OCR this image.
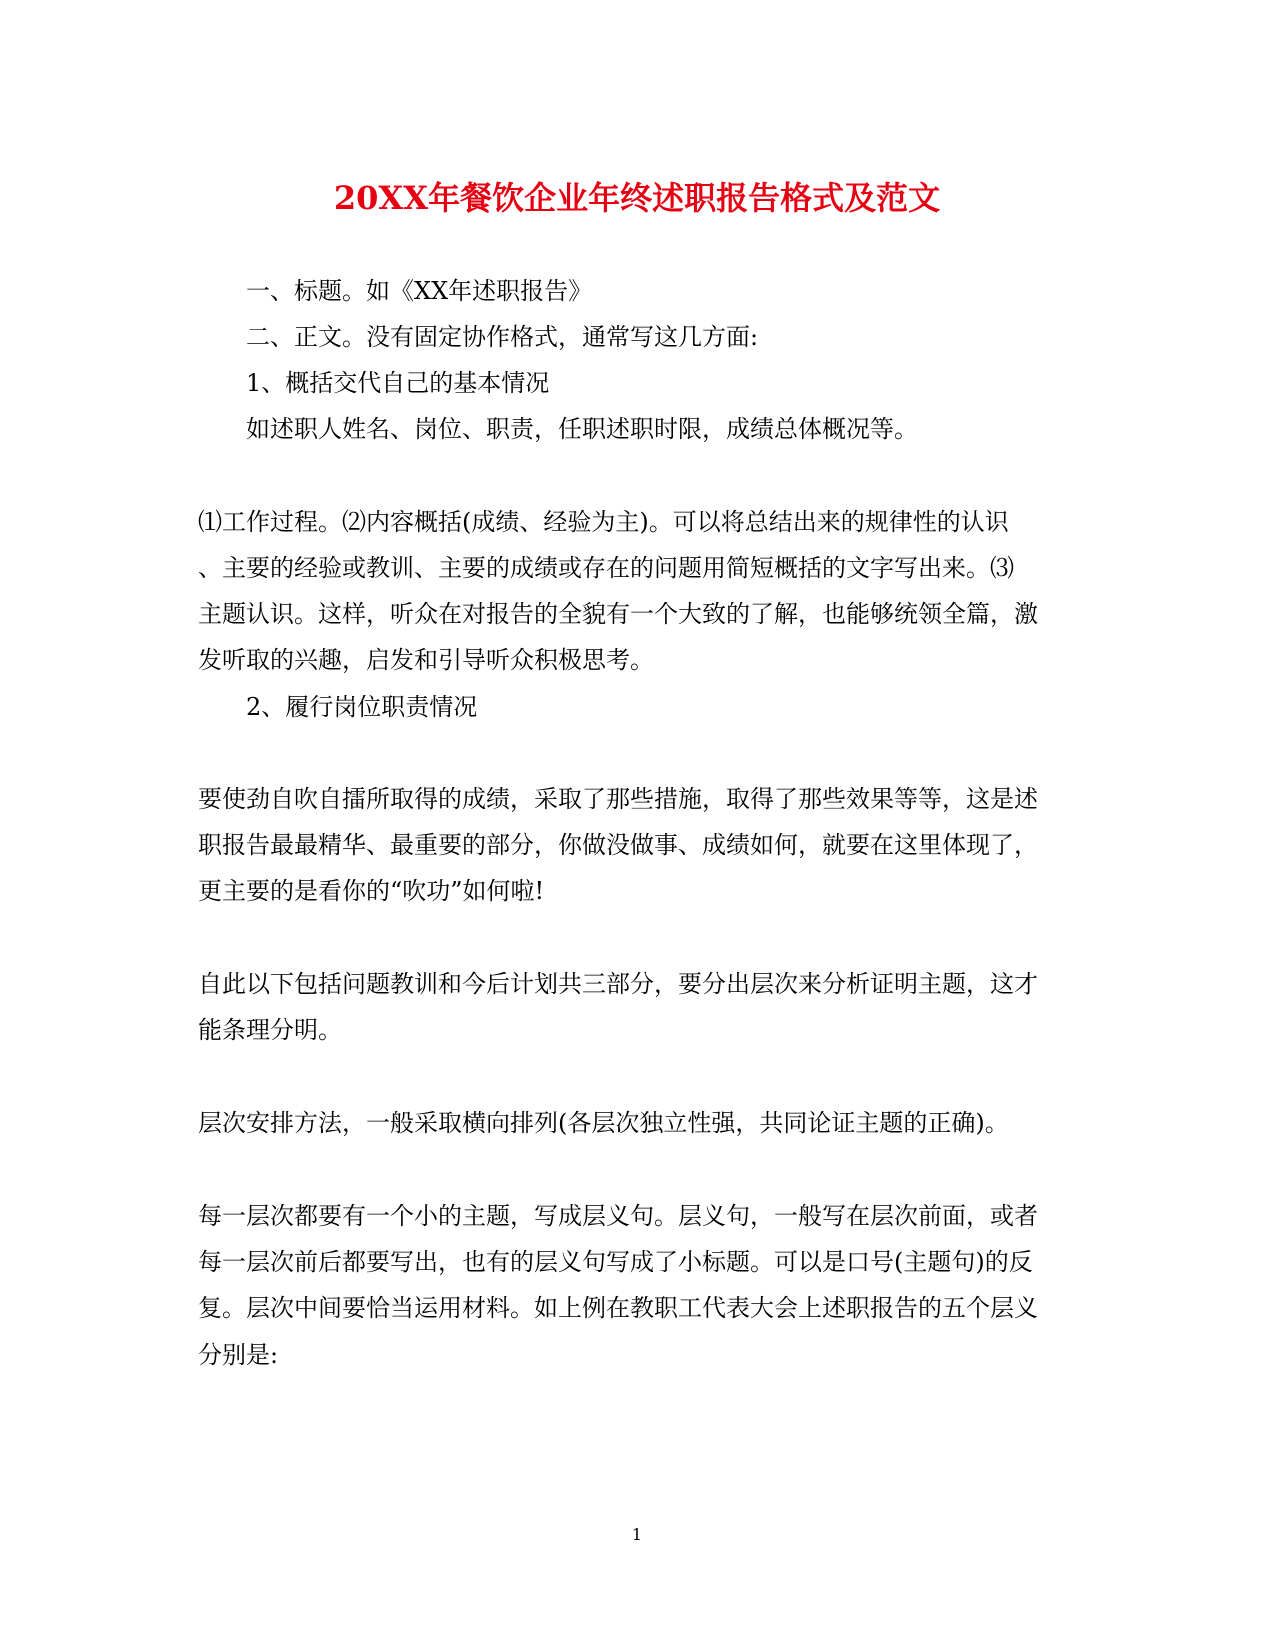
20XX年餐饮企业年终述职报告格式及范文
一、标题。如《XX年述职报告》
二、正文。没有固定协作格式，通常写这几方面:
1、概括交代自己的基本情况
如述职人姓名、岗位、职责，任职述职时限，成绩总体概况等。
⑴工作过程。⑵内容概括(成绩、经验为主)。可以将总结出来的规律性的认识
、主要的经验或教训、主要的成绩或存在的问题用简短概括的文字写出来。⑶
主题认识。这样，听众在对报告的全貌有一个大致的了解，也能够统领全篇，激
发听取的兴趣，启发和引导听众积极思考。
2、履行岗位职责情况
要使劲自吹自擂所取得的成绩，采取了那些措施，取得了那些效果等等，这是述
职报告最最精华、最重要的部分，你做没做事、成绩如何，就要在这里体现了，
更主要的是看你的“吹功”如何啦!
自此以下包括问题教训和今后计划共三部分，要分出层次来分析证明主题，这才
能条理分明。
层次安排方法，一般采取横向排列(各层次独立性强，共同论证主题的正确)。
每一层次都要有一个小的主题，写成层义句。层义句，一般写在层次前面，或者
每一层次前后都要写出，也有的层义句写成了小标题。可以是口号(主题句)的反
复。层次中间要恰当运用材料。如上例在教职工代表大会上述职报告的五个层义
分别是:
1
